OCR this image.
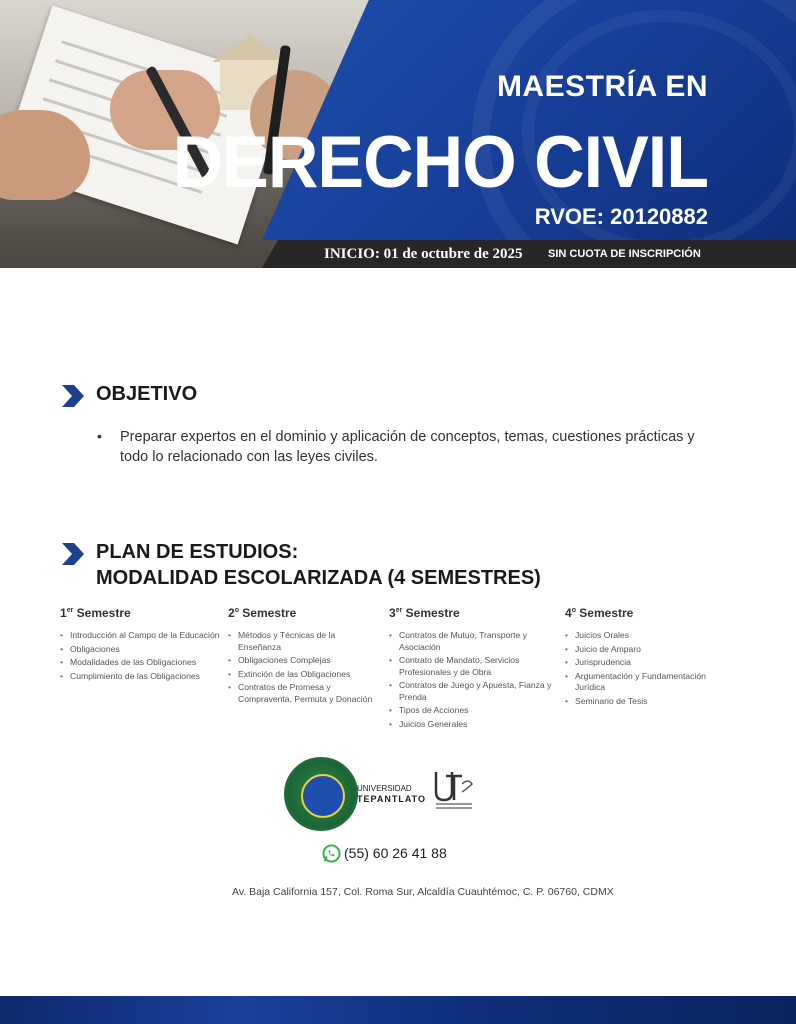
MAESTRÍA EN
DERECHO CIVIL
RVOE: 20120882
INICIO: 01 de octubre de 2025 SIN CUOTA DE INSCRIPCIÓN
OBJETIVO
• Preparar expertos en el dominio y aplicación de conceptos, temas, cuestiones prácticas y todo lo relacionado con las leyes civiles.
PLAN DE ESTUDIOS:
MODALIDAD ESCOLARIZADA (4 SEMESTRES)
1er Semestre
• Introducción al Campo de la Educación
• Obligaciones
• Modalidades de las Obligaciones
• Cumplimiento de las Obligaciones
2$^o$ Semestre
• Métodos y Técnicas de la Enseñanza
• Obligaciones Complejas
• Extinción de las Obligaciones
• Contratos de Promesa y Compraventa, Permuta y Donación
3er Semestre
• Contratos de Mutuo, Transporte y Asociación
• Contrato de Mandato, Servicios Profesionales y de Obra
• Contratos de Juego y Apuesta, Fianza y Prenda
• Tipos de Acciones
• Juicios Generales
4$^o$ Semestre
• Juicios Orales
• Juicio de Amparo
• Jurisprudencia
• Argumentación y Fundamentación Jurídica
• Seminario de Tesis
UNIVERSIDAD
TEPANTLATO
(55) 60 26 41 88
Av. Baja California 157, Col. Roma Sur, Alcaldía Cuauhtémoc, C. P. 06760, CDMX
